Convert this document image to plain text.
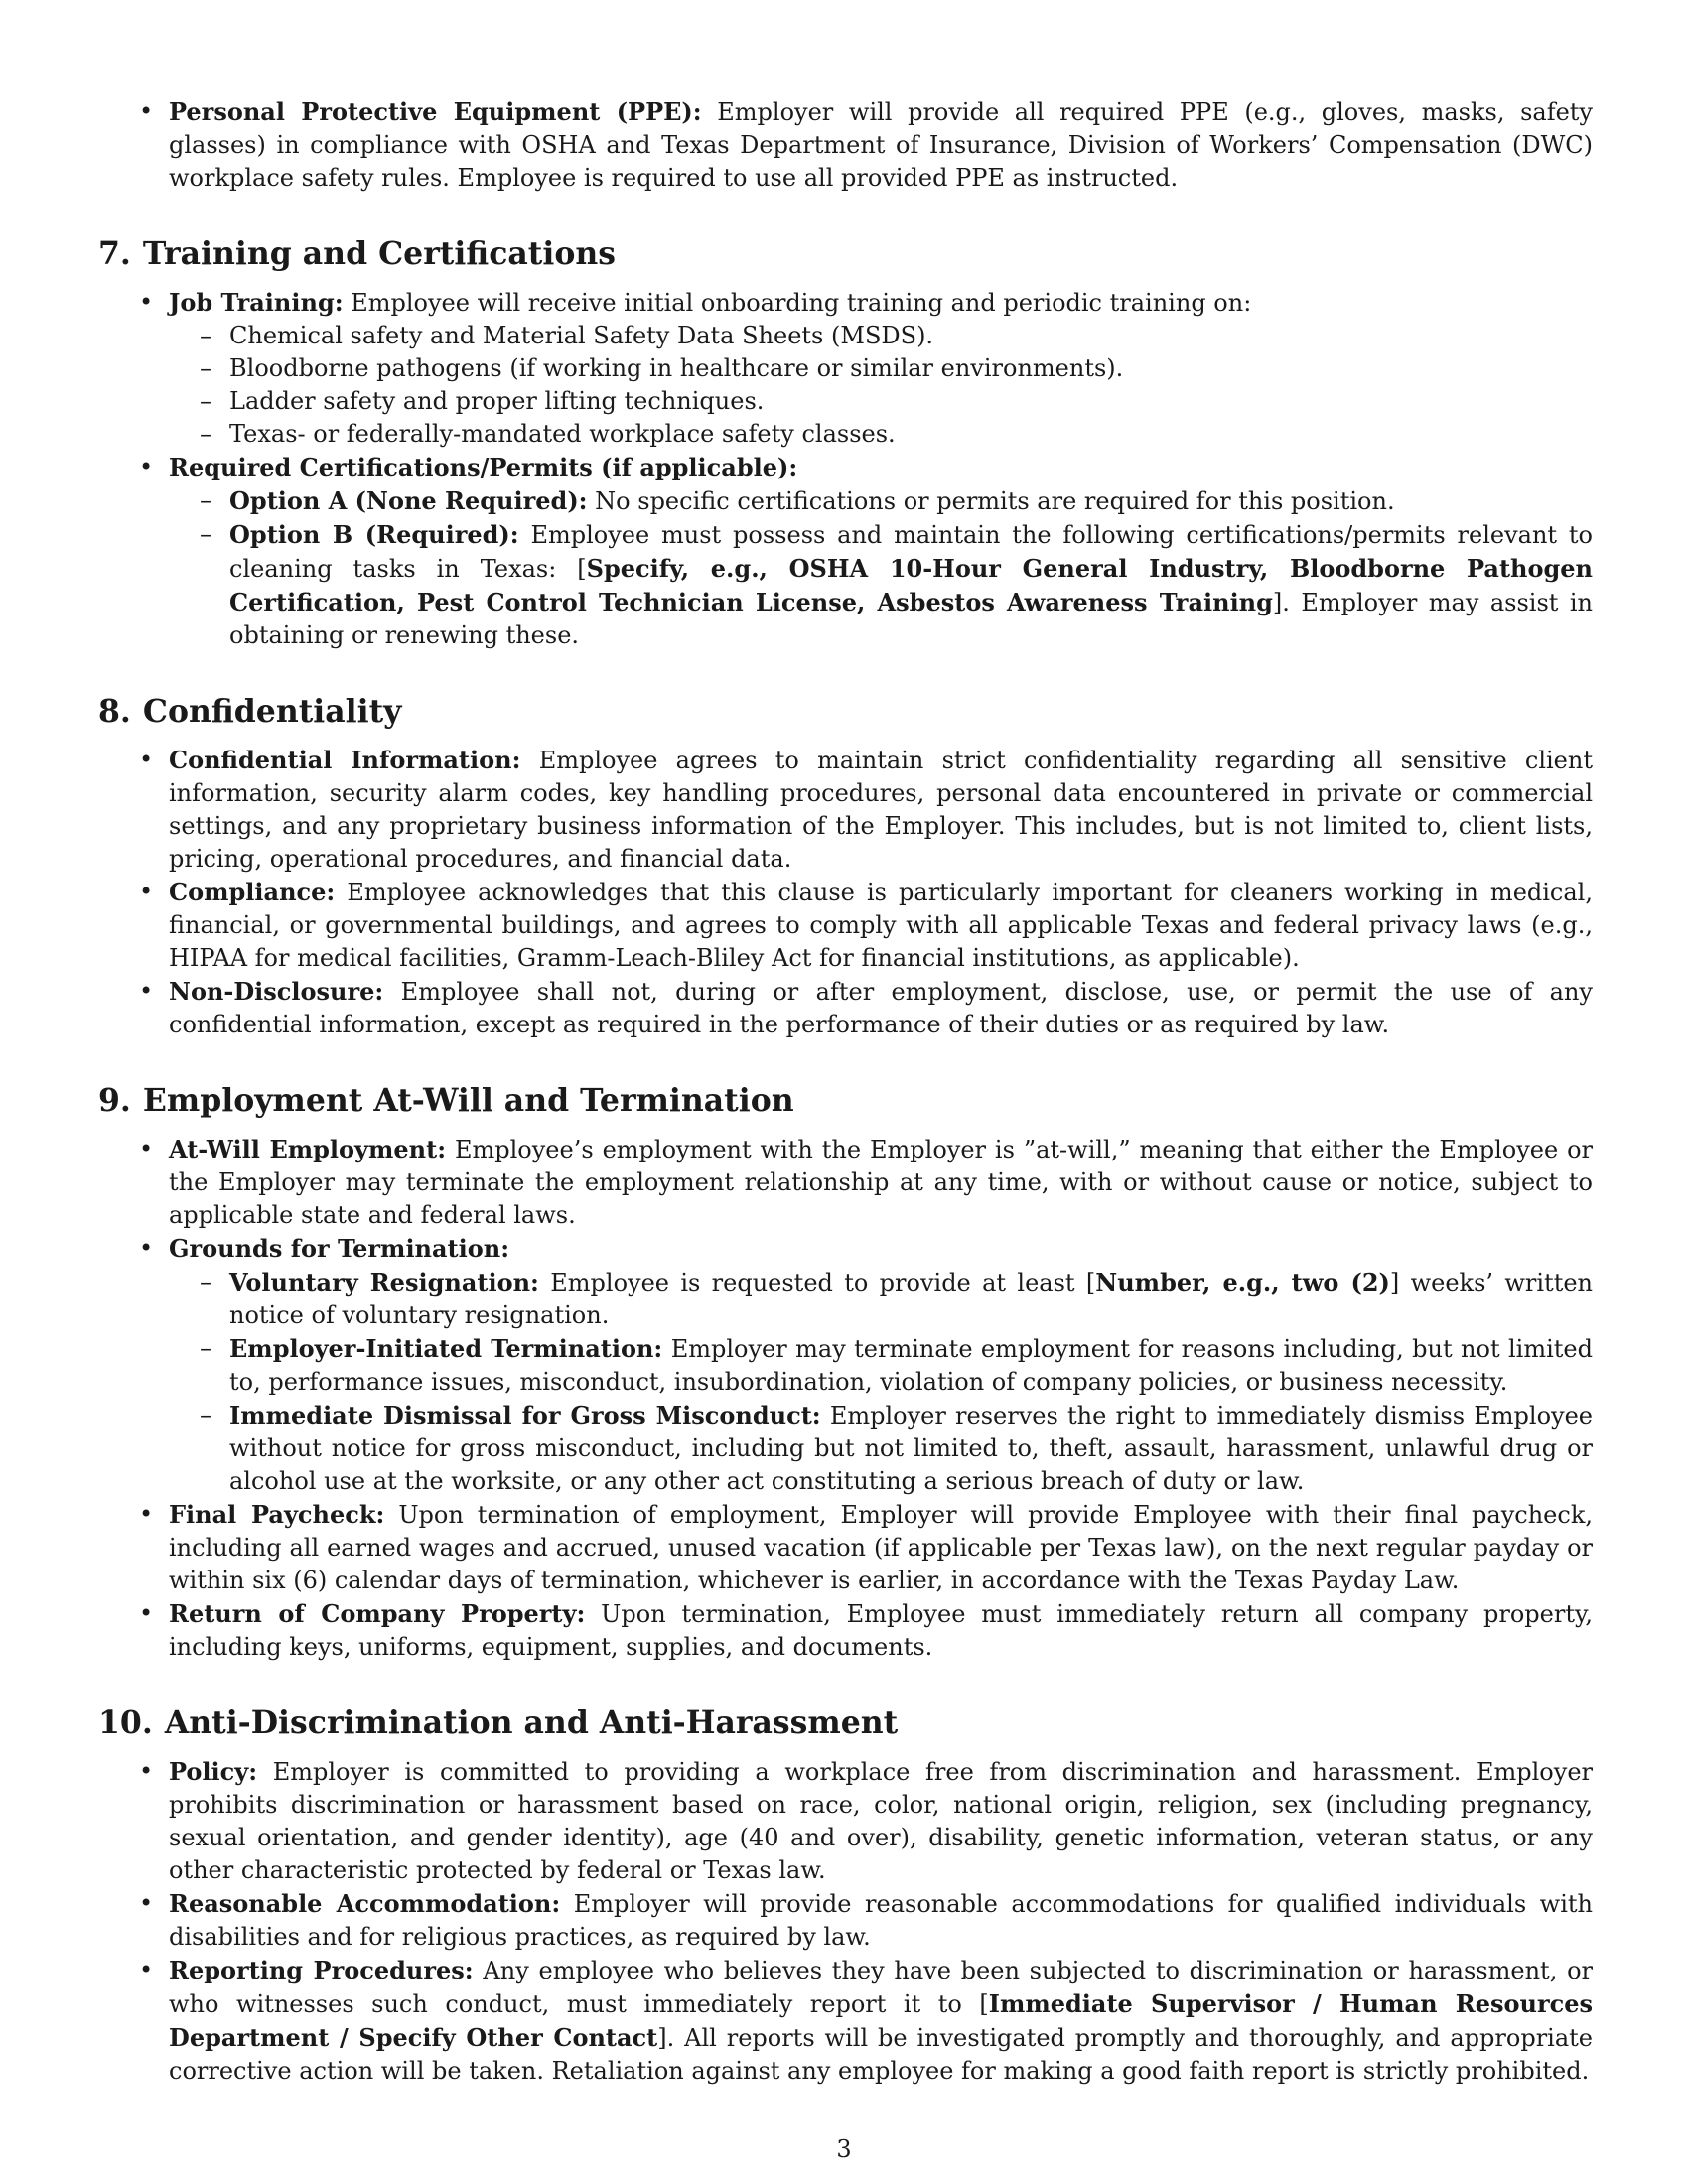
• Personal Protective Equipment (PPE): Employer will provide all required PPE (e.g., gloves, masks, safety glasses) in compliance with OSHA and Texas Department of Insurance, Division of Workers’ Compensation (DWC) workplace safety rules. Employee is required to use all provided PPE as instructed.
7. Training and Certifications
• Job Training: Employee will receive initial onboarding training and periodic training on:
– Chemical safety and Material Safety Data Sheets (MSDS).
– Bloodborne pathogens (if working in healthcare or similar environments).
– Ladder safety and proper lifting techniques.
– Texas- or federally-mandated workplace safety classes.
• Required Certifications/Permits (if applicable):
– Option A (None Required): No specific certifications or permits are required for this position.
– Option B (Required): Employee must possess and maintain the following certifications/permits relevant to cleaning tasks in Texas: [Specify, e.g., OSHA 10-Hour General Industry, Bloodborne Pathogen Certification, Pest Control Technician License, Asbestos Awareness Training]. Employer may assist in obtaining or renewing these.
8. Confidentiality
• Confidential Information: Employee agrees to maintain strict confidentiality regarding all sensitive client information, security alarm codes, key handling procedures, personal data encountered in private or commercial settings, and any proprietary business information of the Employer. This includes, but is not limited to, client lists, pricing, operational procedures, and financial data.
• Compliance: Employee acknowledges that this clause is particularly important for cleaners working in medical, financial, or governmental buildings, and agrees to comply with all applicable Texas and federal privacy laws (e.g., HIPAA for medical facilities, Gramm-Leach-Bliley Act for financial institutions, as applicable).
• Non-Disclosure: Employee shall not, during or after employment, disclose, use, or permit the use of any confidential information, except as required in the performance of their duties or as required by law.
9. Employment At-Will and Termination
• At-Will Employment: Employee’s employment with the Employer is ”at-will,” meaning that either the Employee or the Employer may terminate the employment relationship at any time, with or without cause or notice, subject to applicable state and federal laws.
• Grounds for Termination:
– Voluntary Resignation: Employee is requested to provide at least [Number, e.g., two (2)] weeks’ written notice of voluntary resignation.
– Employer-Initiated Termination: Employer may terminate employment for reasons including, but not limited to, performance issues, misconduct, insubordination, violation of company policies, or business necessity.
– Immediate Dismissal for Gross Misconduct: Employer reserves the right to immediately dismiss Employee without notice for gross misconduct, including but not limited to, theft, assault, harassment, unlawful drug or alcohol use at the worksite, or any other act constituting a serious breach of duty or law.
• Final Paycheck: Upon termination of employment, Employer will provide Employee with their final paycheck, including all earned wages and accrued, unused vacation (if applicable per Texas law), on the next regular payday or within six (6) calendar days of termination, whichever is earlier, in accordance with the Texas Payday Law.
• Return of Company Property: Upon termination, Employee must immediately return all company property, including keys, uniforms, equipment, supplies, and documents.
10. Anti-Discrimination and Anti-Harassment
• Policy: Employer is committed to providing a workplace free from discrimination and harassment. Employer prohibits discrimination or harassment based on race, color, national origin, religion, sex (including pregnancy, sexual orientation, and gender identity), age (40 and over), disability, genetic information, veteran status, or any other characteristic protected by federal or Texas law.
• Reasonable Accommodation: Employer will provide reasonable accommodations for qualified individuals with disabilities and for religious practices, as required by law.
• Reporting Procedures: Any employee who believes they have been subjected to discrimination or harassment, or who witnesses such conduct, must immediately report it to [Immediate Supervisor / Human Resources Department / Specify Other Contact]. All reports will be investigated promptly and thoroughly, and appropriate corrective action will be taken. Retaliation against any employee for making a good faith report is strictly prohibited.
3
